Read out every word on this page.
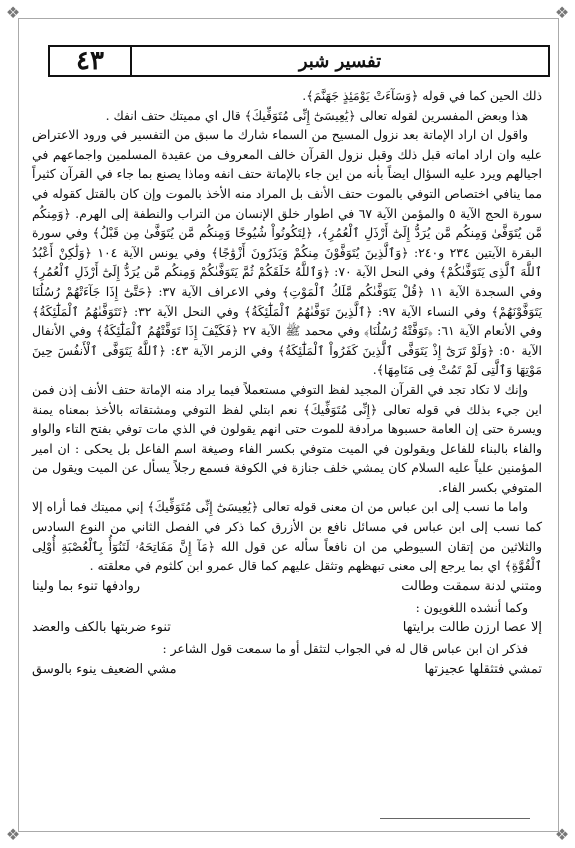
❖	❖
❖	❖
٤٣	تفسير شبر

ذلك الحين كما في قوله ﴿وَسَآءَتْ يَوْمَئِذٍ جَهَنَّمَ﴾.

هذا وبعض المفسرين لقوله تعالى ﴿يَٰعِيسَىٰٓ إِنِّى مُتَوَفِّيكَ﴾ قال اي مميتك حتف انفك .

واقول ان اراد الإماتة بعد نزول المسيح من السماء شارك ما سبق من التفسير في ورود الاعتراض عليه وان اراد اماته قبل ذلك وقبل نزول القرآن خالف المعروف من عقيدة المسلمين واجماعهم في اجيالهم ويرد عليه السؤال ايضاً بأنه من اين جاء بالإماتة حتف انفه وماذا يصنع بما جاء في القرآن كثيراً مما ينافي اختصاص التوفي بالموت حتف الأنف بل المراد منه الأخذ بالموت وإن كان بالقتل كقوله في سورة الحج الآية ٥ والمؤمن الآية ٦٧ في اطوار خلق الإنسان من التراب والنطفة إلى الهرم. ﴿وَمِنكُم مَّن يُتَوَفَّىٰ وَمِنكُم مَّن يُرَدُّ إِلَىٰٓ أَرْذَلِ ٱلْعُمُرِ﴾، ﴿لِتَكُونُواْ شُيُوخًا وَمِنكُم مَّن يُتَوَفَّىٰ مِن قَبْلُ﴾ وفي سورة البقرة الآيتين ٢٣٤ و٢٤٠: ﴿وَٱلَّذِينَ يُتَوَفَّوْنَ مِنكُمْ وَيَذَرُونَ أَزْوَٰجًا﴾ وفي يونس الآية ١٠٤ ﴿وَلَٰكِنْ أَعْبُدُ ٱللَّهَ ٱلَّذِى يَتَوَفَّىٰكُمْ﴾ وفي النحل الآية ٧٠: ﴿وَٱللَّهُ خَلَقَكُمْ ثُمَّ يَتَوَفَّىٰكُمْ وَمِنكُم مَّن يُرَدُّ إِلَىٰٓ أَرْذَلِ ٱلْعُمُرِ﴾ وفي السجدة الآية ١١ ﴿قُلْ يَتَوَفَّىٰكُم مَّلَكُ ٱلْمَوْتِ﴾ وفي الاعراف الآية ٣٧: ﴿حَتَّىٰٓ إِذَا جَآءَتْهُمْ رُسُلُنَا يَتَوَفَّوْنَهُمْ﴾ وفي النساء الآية ٩٧: ﴿ٱلَّذِينَ تَوَفَّىٰهُمُ ٱلْمَلَٰٓئِكَةُ﴾ وفي النحل الآية ٣٢: ﴿تَتَوَفَّىٰهُمُ ٱلْمَلَٰٓئِكَةُ﴾ وفي الأنعام الآية ٦١: ﴿تَوَفَّتْهُ رُسُلُنَا﴾ وفي محمد ﷺ الآية ٢٧ ﴿فَكَيْفَ إِذَا تَوَفَّتْهُمُ ٱلْمَلَٰٓئِكَةُ﴾ وفي الأنفال الآية ٥٠: ﴿وَلَوْ تَرَىٰٓ إِذْ يَتَوَفَّى ٱلَّذِينَ كَفَرُواْ ٱلْمَلَٰٓئِكَةُ﴾ وفي الزمر الآية ٤٣: ﴿ٱللَّهُ يَتَوَفَّى ٱلْأَنفُسَ حِينَ مَوْتِهَا وَٱلَّتِى لَمْ تَمُتْ فِى مَنَامِهَا﴾.

وإنك لا تكاد تجد في القرآن المجيد لفظ التوفي مستعملاً فيما يراد منه الإماتة حتف الأنف إذن فمن اين جيء بذلك في قوله تعالى ﴿إِنِّى مُتَوَفِّيكَ﴾ نعم ابتلي لفظ التوفي ومشتقاته بالأخذ بمعناه يمنة ويسرة حتى إن العامة حسبوها مرادفة للموت حتى انهم يقولون في الذي مات توفي بفتح التاء والواو والفاء بالبناء للفاعل ويقولون في الميت متوفي بكسر الفاء وصيغة اسم الفاعل بل يحكى : ان امير المؤمنين علياً عليه السلام كان يمشي خلف جنازة في الكوفة فسمع رجلاً يسأل عن الميت ويقول من المتوفي بكسر الفاء.

واما ما نسب إلى ابن عباس من ان معنى قوله تعالى ﴿يَٰعِيسَىٰٓ إِنِّى مُتَوَفِّيكَ﴾ إني مميتك فما أراه إلا كما نسب إلى ابن عباس في مسائل نافع بن الأزرق كما ذكر في الفصل الثاني من النوع السادس والثلاثين من إتقان السيوطي من ان نافعاً سأله عن قول الله ﴿مَآ إِنَّ مَفَاتِحَهُۥ لَتَنُوٓأُ بِٱلْعُصْبَةِ أُوْلِى ٱلْقُوَّةِ﴾ اي بما يرجع إلى معنى تبهظهم وتثقل عليهم كما قال عمرو ابن كلثوم في معلقته .

ومتني لدنة سمقت وطالت
روادفها تنوء بما ولينا

وكما أنشده اللغويون :

إلا عصا ارزن طالت برايتها
تنوء ضربتها بالكف والعضد

فذكر ان ابن عباس قال له في الجواب لتثقل أو ما سمعت قول الشاعر :

تمشي فتثقلها عجيزتها
مشي الضعيف ينوء بالوسق
